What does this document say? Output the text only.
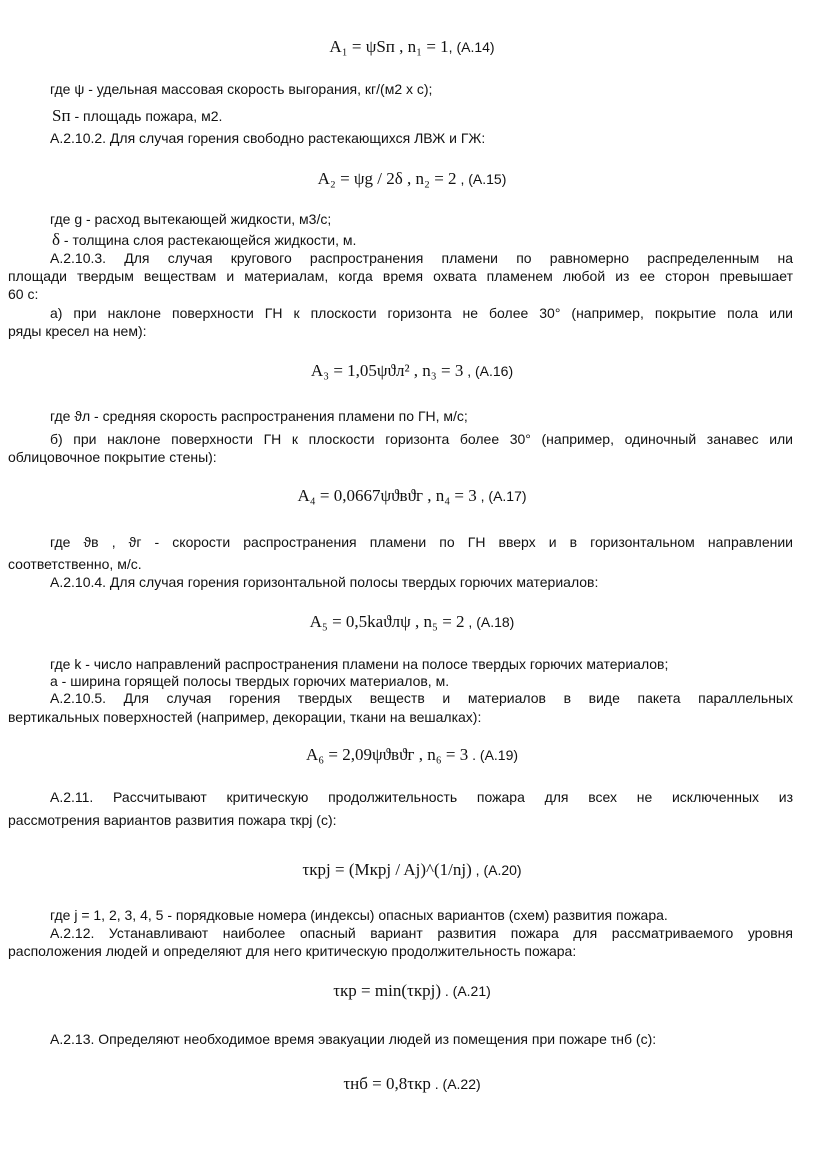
A₁ = ψSп , n₁ = 1, (А.14)
где ψ - удельная массовая скорость выгорания, кг/(м2 х с);
Sп - площадь пожара, м2.
А.2.10.2. Для случая горения свободно растекающихся ЛВЖ и ГЖ:
A₂ = ψg / 2δ , n₂ = 2 , (А.15)
где g - расход вытекающей жидкости, м3/с;
δ - толщина слоя растекающейся жидкости, м.
А.2.10.3. Для случая кругового распространения пламени по равномерно распределенным на
площади твердым веществам и материалам, когда время охвата пламенем любой из ее сторон превышает
60 с:
а) при наклоне поверхности ГН к плоскости горизонта не более 30° (например, покрытие пола или
ряды кресел на нем):
A₃ = 1,05ψϑл² , n₃ = 3 , (А.16)
где ϑл - средняя скорость распространения пламени по ГН, м/с;
б) при наклоне поверхности ГН к плоскости горизонта более 30° (например, одиночный занавес или
облицовочное покрытие стены):
A₄ = 0,0667ψϑвϑг , n₄ = 3 , (А.17)
где ϑв , ϑг - скорости распространения пламени по ГН вверх и в горизонтальном направлении
соответственно, м/с.
А.2.10.4. Для случая горения горизонтальной полосы твердых горючих материалов:
A₅ = 0,5kaϑлψ , n₅ = 2 , (А.18)
где k - число направлений распространения пламени на полосе твердых горючих материалов;
а - ширина горящей полосы твердых горючих материалов, м.
А.2.10.5. Для случая горения твердых веществ и материалов в виде пакета параллельных
вертикальных поверхностей (например, декорации, ткани на вешалках):
A₆ = 2,09ψϑвϑг , n₆ = 3 . (А.19)
А.2.11. Рассчитывают критическую продолжительность пожара для всех не исключенных из
рассмотрения вариантов развития пожара τкрj (с):
τкрj = (Mкрj / Aj)^(1/nj) , (А.20)
где j = 1, 2, 3, 4, 5 - порядковые номера (индексы) опасных вариантов (схем) развития пожара.
А.2.12. Устанавливают наиболее опасный вариант развития пожара для рассматриваемого уровня
расположения людей и определяют для него критическую продолжительность пожара:
τкр = min(τкрj) . (А.21)
А.2.13. Определяют необходимое время эвакуации людей из помещения при пожаре τнб (с):
τнб = 0,8τкр . (А.22)
